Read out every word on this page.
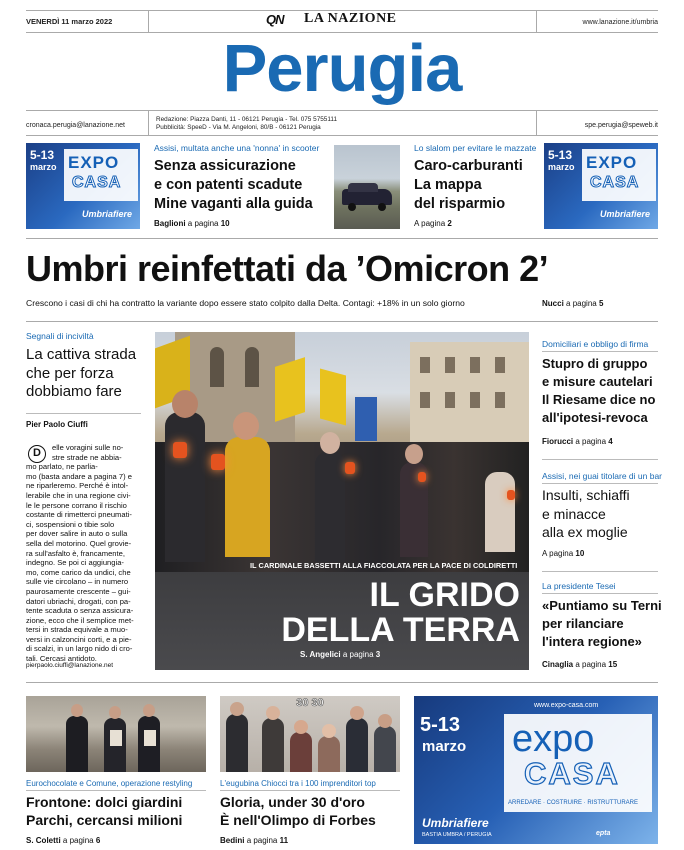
VENERDÌ 11 marzo 2022	QN LA NAZIONE	www.lanazione.it/umbria
Perugia
cronaca.perugia@lanazione.net
Redazione: Piazza Danti, 11 - 06121 Perugia - Tel. 075 5755111
Pubblicità: SpeeD - Via M. Angeloni, 80/B - 06121 Perugia	spe.perugia@speweb.it
5-13
marzo EXPO
CASA
Umbriafiere
Assisi, multata anche una 'nonna' in scooter
Senza assicurazione
e con patenti scadute
Mine vaganti alla guida
Baglioni a pagina 10
Lo slalom per evitare le mazzate
Caro-carburanti
La mappa
del risparmio
A pagina 2
5-13
marzo EXPO
CASA
Umbriafiere
Umbri reinfettati da ’Omicron 2’
Crescono i casi di chi ha contratto la variante dopo essere stato colpito dalla Delta. Contagi: +18% in un solo giorno	Nucci a pagina 5
Segnali di inciviltà
La cattiva strada
che per forza
dobbiamo fare
Pier Paolo Ciuffi
D	elle voragini sulle no-
stre strade ne abbia-
mo parlato, ne parlia-
mo (basta andare a pagina 7) e
ne riparleremo. Perché è intol-
lerabile che in una regione civi-
le le persone corrano il rischio
costante di rimetterci pneumati-
ci, sospensioni o tibie solo
per dover salire in auto o sulla
sella del motorino. Quel grovie-
ra sull'asfalto è, francamente,
indegno. Se poi ci aggiungia-
mo, come carico da undici, che
sulle vie circolano – in numero
paurosamente crescente – gui-
datori ubriachi, drogati, con pa-
tente scaduta o senza assicura-
zione, ecco che il semplice met-
tersi in strada equivale a muo-
versi in calzoncini corti, e a pie-
di scalzi, in un largo nido di cro-
tali. Cercasi antidoto.
pierpaolo.ciuffi@lanazione.net
IL CARDINALE BASSETTI ALLA FIACCOLATA PER LA PACE DI COLDIRETTI
IL GRIDO
DELLA TERRA
S. Angelici a pagina 3
Domiciliari e obbligo di firma
Stupro di gruppo
e misure cautelari
Il Riesame dice no
all'ipotesi-revoca
Fiorucci a pagina 4
Assisi, nei guai titolare di un bar
Insulti, schiaffi
e minacce
alla ex moglie
A pagina 10
La presidente Tesei
«Puntiamo su Terni
per rilanciare
l'intera regione»
Cinaglia a pagina 15
Eurochocolate e Comune, operazione restyling
Frontone: dolci giardini
Parchi, cercansi milioni
S. Coletti a pagina 6
30 30
L'eugubina Chiocci tra i 100 imprenditori top
Gloria, under 30 d'oro
È nell'Olimpo di Forbes
Bedini a pagina 11
www.expo-casa.com
5-13
marzo expo
CASA
ARREDARE · COSTRUIRE · RISTRUTTURARE
Umbriafiere
BASTIA UMBRA / PERUGIA	epta
